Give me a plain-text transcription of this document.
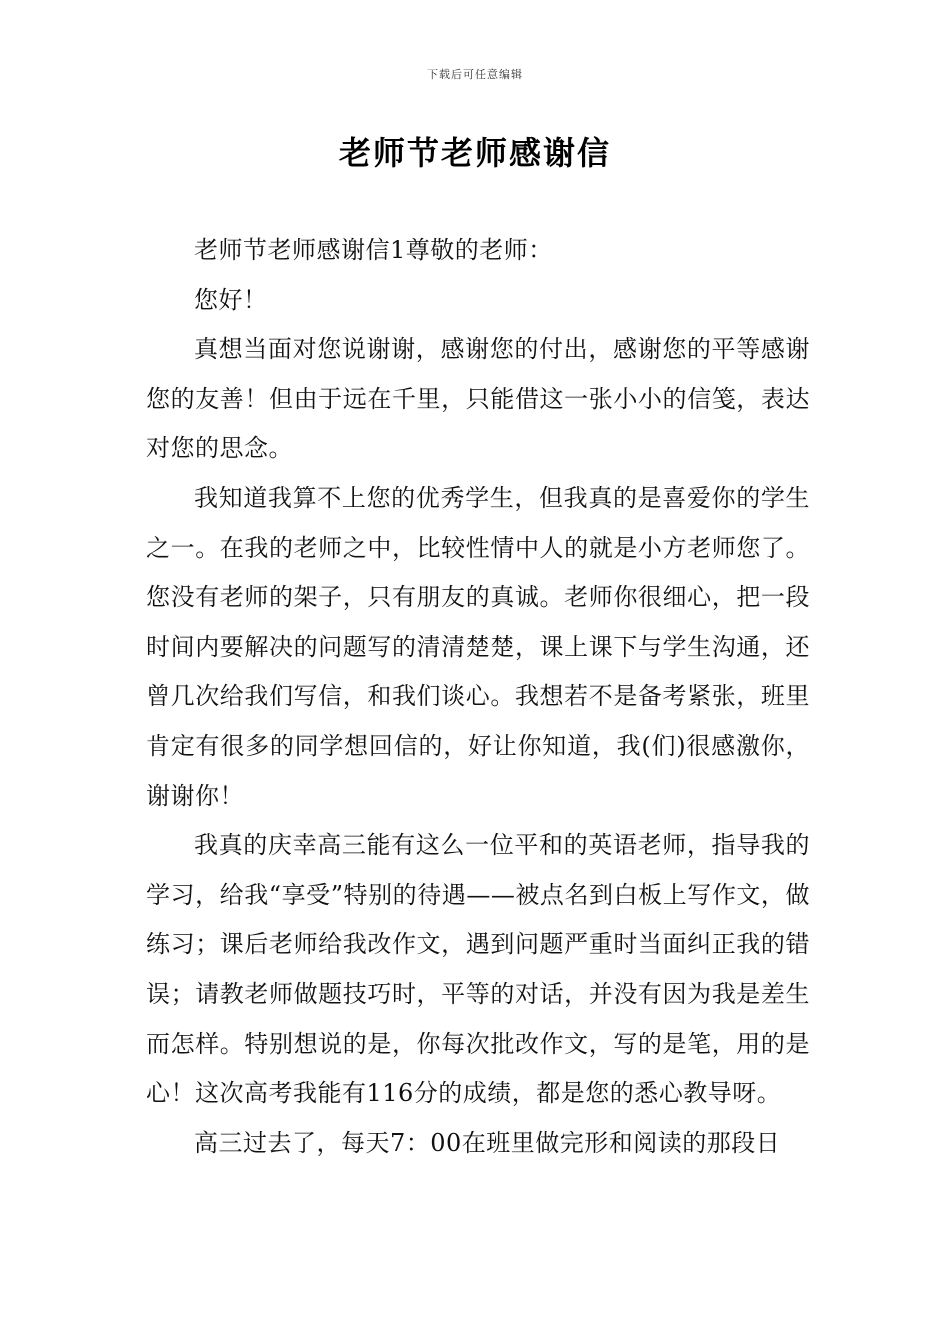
下载后可任意编辑
老师节老师感谢信

老师节老师感谢信1尊敬的老师：

您好！

真想当面对您说谢谢，感谢您的付出，感谢您的平等感谢您的友善！但由于远在千里，只能借这一张小小的信笺，表达对您的思念。

我知道我算不上您的优秀学生，但我真的是喜爱你的学生之一。在我的老师之中，比较性情中人的就是小方老师您了。您没有老师的架子，只有朋友的真诚。老师你很细心，把一段时间内要解决的问题写的清清楚楚，课上课下与学生沟通，还曾几次给我们写信，和我们谈心。我想若不是备考紧张，班里肯定有很多的同学想回信的，好让你知道，我(们)很感激你，谢谢你！

我真的庆幸高三能有这么一位平和的英语老师，指导我的学习，给我“享受”特别的待遇——被点名到白板上写作文，做练习；课后老师给我改作文，遇到问题严重时当面纠正我的错误；请教老师做题技巧时，平等的对话，并没有因为我是差生而怎样。特别想说的是，你每次批改作文，写的是笔，用的是心！这次高考我能有116分的成绩，都是您的悉心教导呀。

高三过去了，每天7：00在班里做完形和阅读的那段日
